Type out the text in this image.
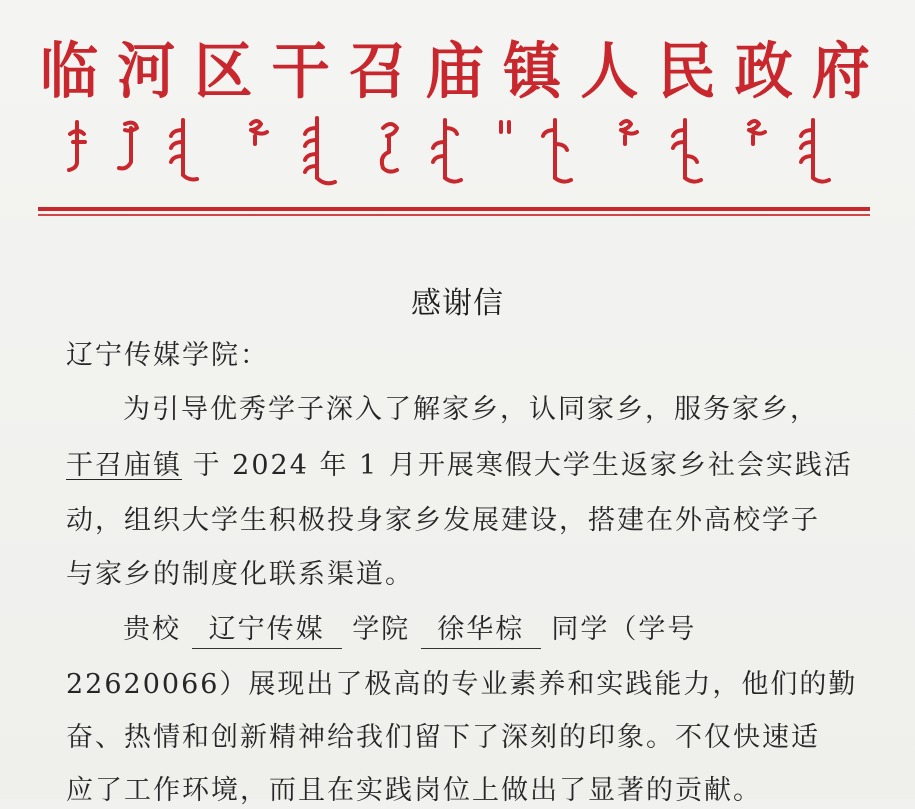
临 河 区 干 召 庙 镇 人 民 政 府
感谢信
辽宁传媒学院：
为引导优秀学子深入了解家乡，认同家乡，服务家乡，
干召庙镇 于 2024 年 1 月开展寒假大学生返家乡社会实践活
动，组织大学生积极投身家乡发展建设，搭建在外高校学子
与家乡的制度化联系渠道。
贵校 辽宁传媒 学院 徐华棕 同学（学号
22620066）展现出了极高的专业素养和实践能力，他们的勤
奋、热情和创新精神给我们留下了深刻的印象。不仅快速适
应了工作环境，而且在实践岗位上做出了显著的贡献。
